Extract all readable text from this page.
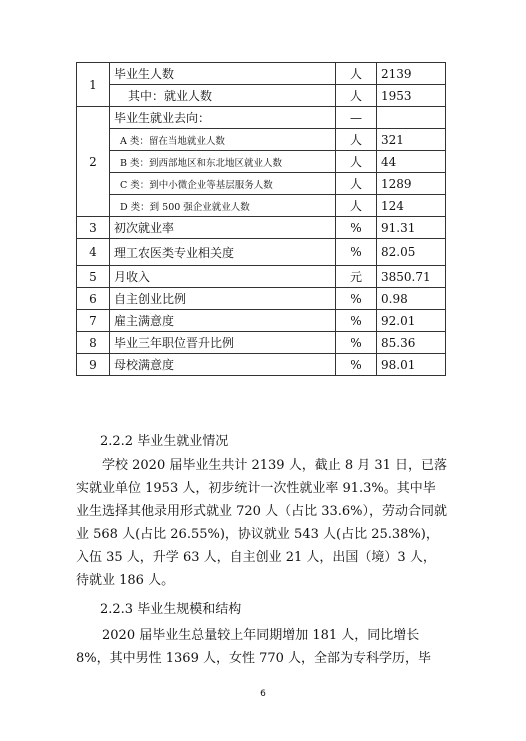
1	毕业生人数	人	2139
	其中：就业人数	人	1953
2	毕业生就业去向：	—	
	A 类：留在当地就业人数	人	321
	B 类：到西部地区和东北地区就业人数	人	44
	C 类：到中小微企业等基层服务人数	人	1289
	D 类：到 500 强企业就业人数	人	124
3	初次就业率	%	91.31
4	理工农医类专业相关度	%	82.05
5	月收入	元	3850.71
6	自主创业比例	%	0.98
7	雇主满意度	%	92.01
8	毕业三年职位晋升比例	%	85.36
9	母校满意度	%	98.01
2.2.2 毕业生就业情况

学校 2020 届毕业生共计 2139 人，截止 8 月 31 日，已落实就业单位 1953 人，初步统计一次性就业率 91.3%。其中毕业生选择其他录用形式就业 720 人（占比 33.6%），劳动合同就业 568 人(占比 26.55%)，协议就业 543 人(占比 25.38%)，入伍 35 人，升学 63 人，自主创业 21 人，出国（境）3 人，待就业 186 人。

2.2.3 毕业生规模和结构

2020 届毕业生总量较上年同期增加 181 人，同比增长 8%，其中男性 1369 人，女性 770 人，全部为专科学历，毕

6
